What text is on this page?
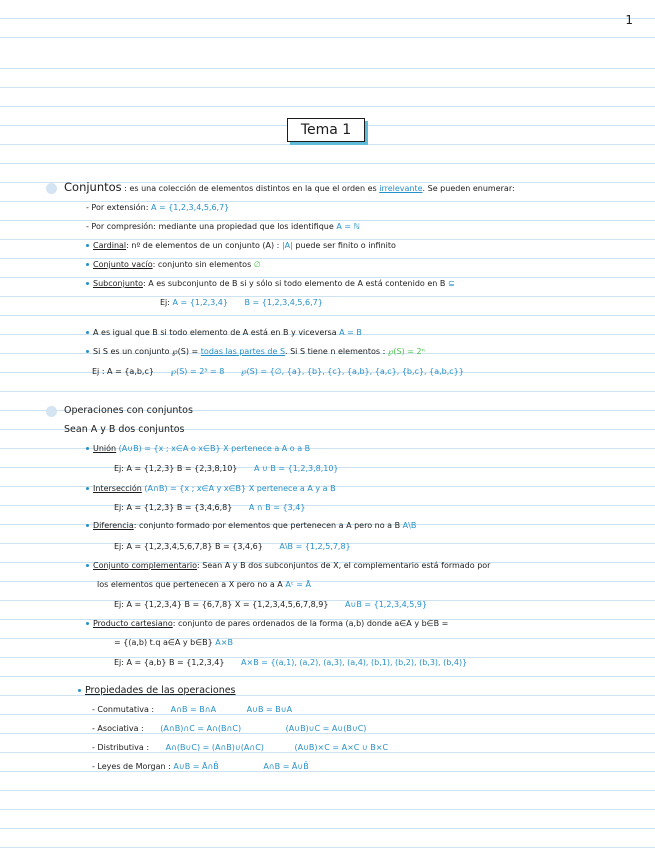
1
Tema 1
Conjuntos : es una colección de elementos distintos en la que el orden es irrelevante. Se pueden enumerar:
- Por extensión: A = {1,2,3,4,5,6,7}
- Por compresión: mediante una propiedad que los identifique A = ℕ
Cardinal: nº de elementos de un conjunto (A) : |A| puede ser finito o infinito
Conjunto vacío: conjunto sin elementos ∅
Subconjunto: A es subconjunto de B si y sólo si todo elemento de A está contenido en B ⊆
Ej: A = {1,2,3,4} B = {1,2,3,4,5,6,7}
A es igual que B si todo elemento de A está en B y viceversa A = B
Si S es un conjunto ℘(S) = todas las partes de S. Si S tiene n elementos : ℘(S) = 2ⁿ
Ej : A = {a,b,c} ℘(S) = 2³ = 8 ℘(S) = {∅, {a}, {b}, {c}, {a,b}, {a,c}, {b,c}, {a,b,c}}
Operaciones con conjuntos
Sean A y B dos conjuntos
Unión (A∪B) = {x ; x∈A o x∈B} X pertenece a A o a B
Ej: A = {1,2,3} B = {2,3,8,10} A ∪ B = {1,2,3,8,10}
Intersección (A∩B) = {x ; x∈A y x∈B} X pertenece a A y a B
Ej: A = {1,2,3} B = {3,4,6,8} A ∩ B = {3,4}
Diferencia: conjunto formado por elementos que pertenecen a A pero no a B A\B
Ej: A = {1,2,3,4,5,6,7,8} B = {3,4,6} A\B = {1,2,5,7,8}
Conjunto complementario: Sean A y B dos subconjuntos de X, el complementario está formado por
los elementos que pertenecen a X pero no a A Aᶜ = Ā
Ej: A = {1,2,3,4} B = {6,7,8} X = {1,2,3,4,5,6,7,8,9} A∪B = {1,2,3,4,5,9}
Producto cartesiano: conjunto de pares ordenados de la forma (a,b) donde a∈A y b∈B =
= {(a,b) t.q a∈A y b∈B} A×B
Ej: A = {a,b} B = {1,2,3,4} A×B = {(a,1), (a,2), (a,3), (a,4), (b,1), (b,2), (b,3), (b,4)}
Propiedades de las operaciones
- Conmutativa : A∩B = B∩A	A∪B = B∪A
- Asociativa : (A∩B)∩C = A∩(B∩C)	(A∪B)∪C = A∪(B∪C)
- Distributiva : A∩(B∪C) = (A∩B)∪(A∩C)	(A∪B)×C = A×C ∪ B×C
- Leyes de Morgan : A∪B = Ā∩B̄	A∩B = Ā∪B̄
